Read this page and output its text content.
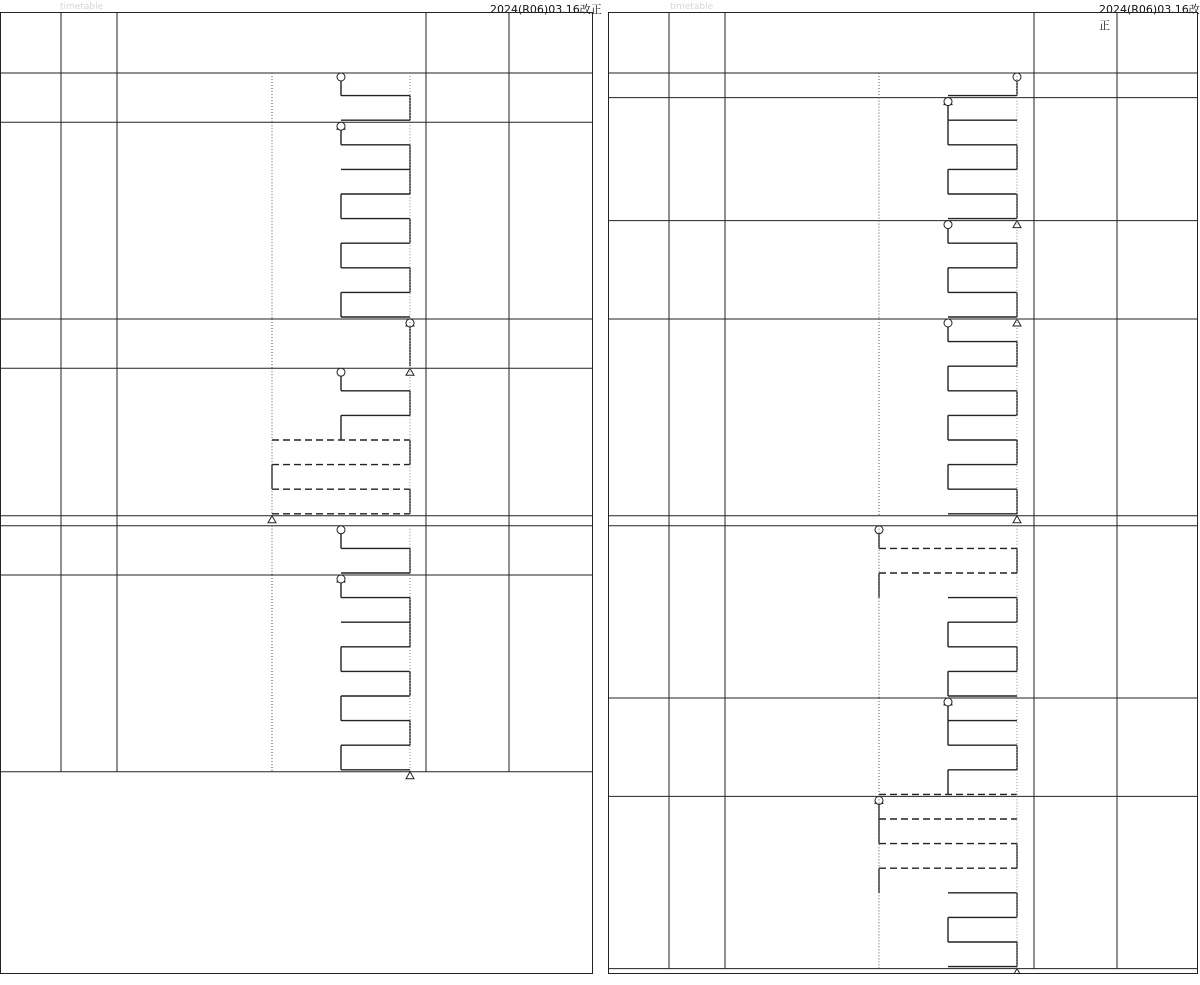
timetable	timetable
2024(R06)03.16改正	2024(R06)03.16改正
